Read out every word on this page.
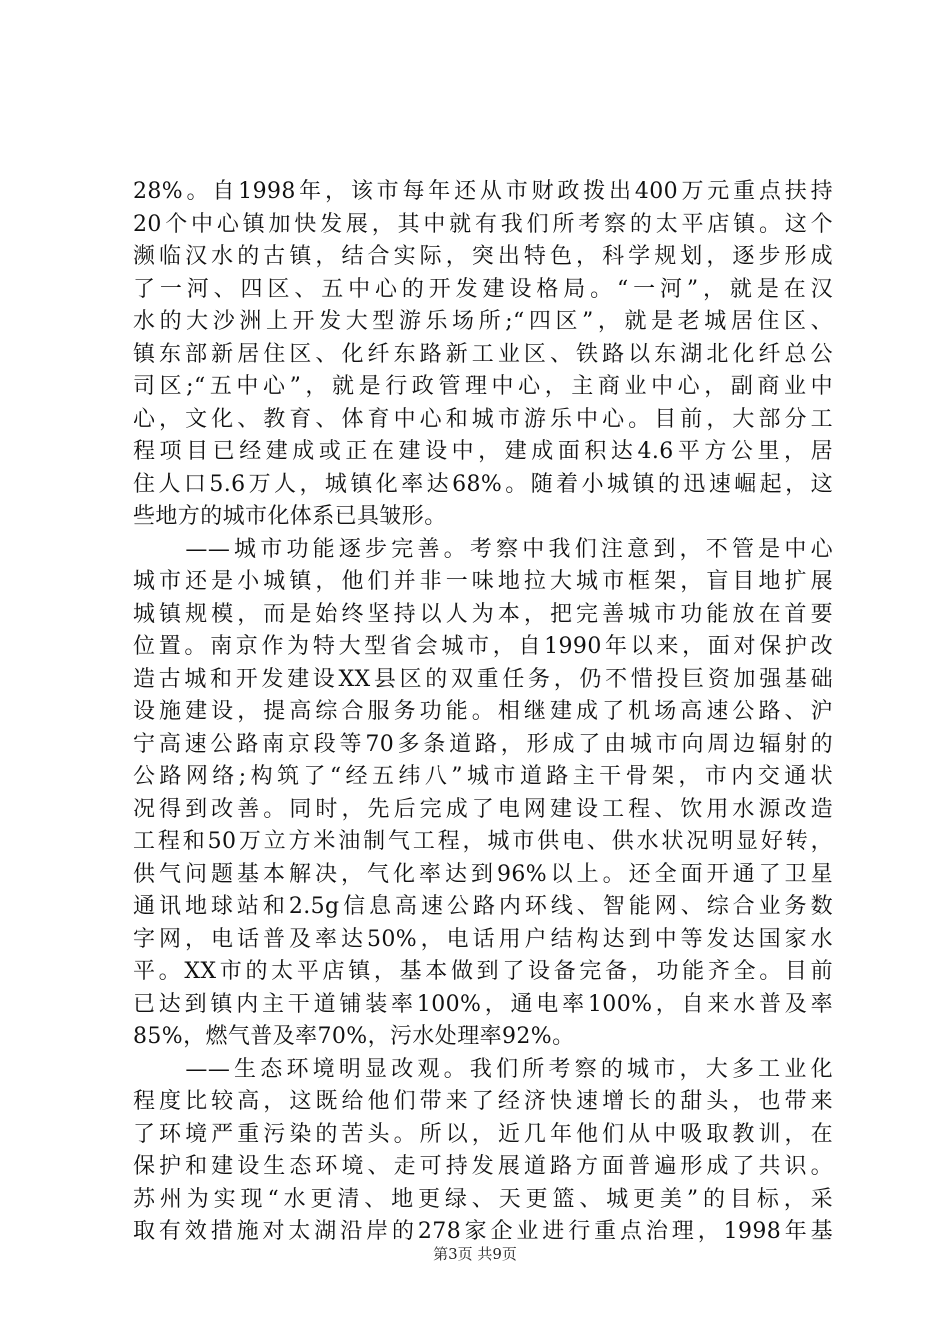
28%。自1998年，该市每年还从市财政拨出400万元重点扶持
20个中心镇加快发展，其中就有我们所考察的太平店镇。这个
濒临汉水的古镇，结合实际，突出特色，科学规划，逐步形成
了一河、四区、五中心的开发建设格局。“一河”，就是在汉
水的大沙洲上开发大型游乐场所;“四区”，就是老城居住区、
镇东部新居住区、化纤东路新工业区、铁路以东湖北化纤总公
司区;“五中心”，就是行政管理中心，主商业中心，副商业中
心，文化、教育、体育中心和城市游乐中心。目前，大部分工
程项目已经建成或正在建设中，建成面积达4.6平方公里，居
住人口5.6万人，城镇化率达68%。随着小城镇的迅速崛起，这
些地方的城市化体系已具皱形。
　　——城市功能逐步完善。考察中我们注意到，不管是中心
城市还是小城镇，他们并非一味地拉大城市框架，盲目地扩展
城镇规模，而是始终坚持以人为本，把完善城市功能放在首要
位置。南京作为特大型省会城市，自1990年以来，面对保护改
造古城和开发建设XX县区的双重任务，仍不惜投巨资加强基础
设施建设，提高综合服务功能。相继建成了机场高速公路、沪
宁高速公路南京段等70多条道路，形成了由城市向周边辐射的
公路网络;构筑了“经五纬八”城市道路主干骨架，市内交通状
况得到改善。同时，先后完成了电网建设工程、饮用水源改造
工程和50万立方米油制气工程，城市供电、供水状况明显好转，
供气问题基本解决，气化率达到96%以上。还全面开通了卫星
通讯地球站和2.5g信息高速公路内环线、智能网、综合业务数
字网，电话普及率达50%，电话用户结构达到中等发达国家水
平。XX市的太平店镇，基本做到了设备完备，功能齐全。目前
已达到镇内主干道铺装率100%，通电率100%，自来水普及率
85%，燃气普及率70%，污水处理率92%。
　　——生态环境明显改观。我们所考察的城市，大多工业化
程度比较高，这既给他们带来了经济快速增长的甜头，也带来
了环境严重污染的苦头。所以，近几年他们从中吸取教训，在
保护和建设生态环境、走可持发展道路方面普遍形成了共识。
苏州为实现“水更清、地更绿、天更篮、城更美”的目标，采
取有效措施对太湖沿岸的278家企业进行重点治理，1998年基
第3页 共9页
